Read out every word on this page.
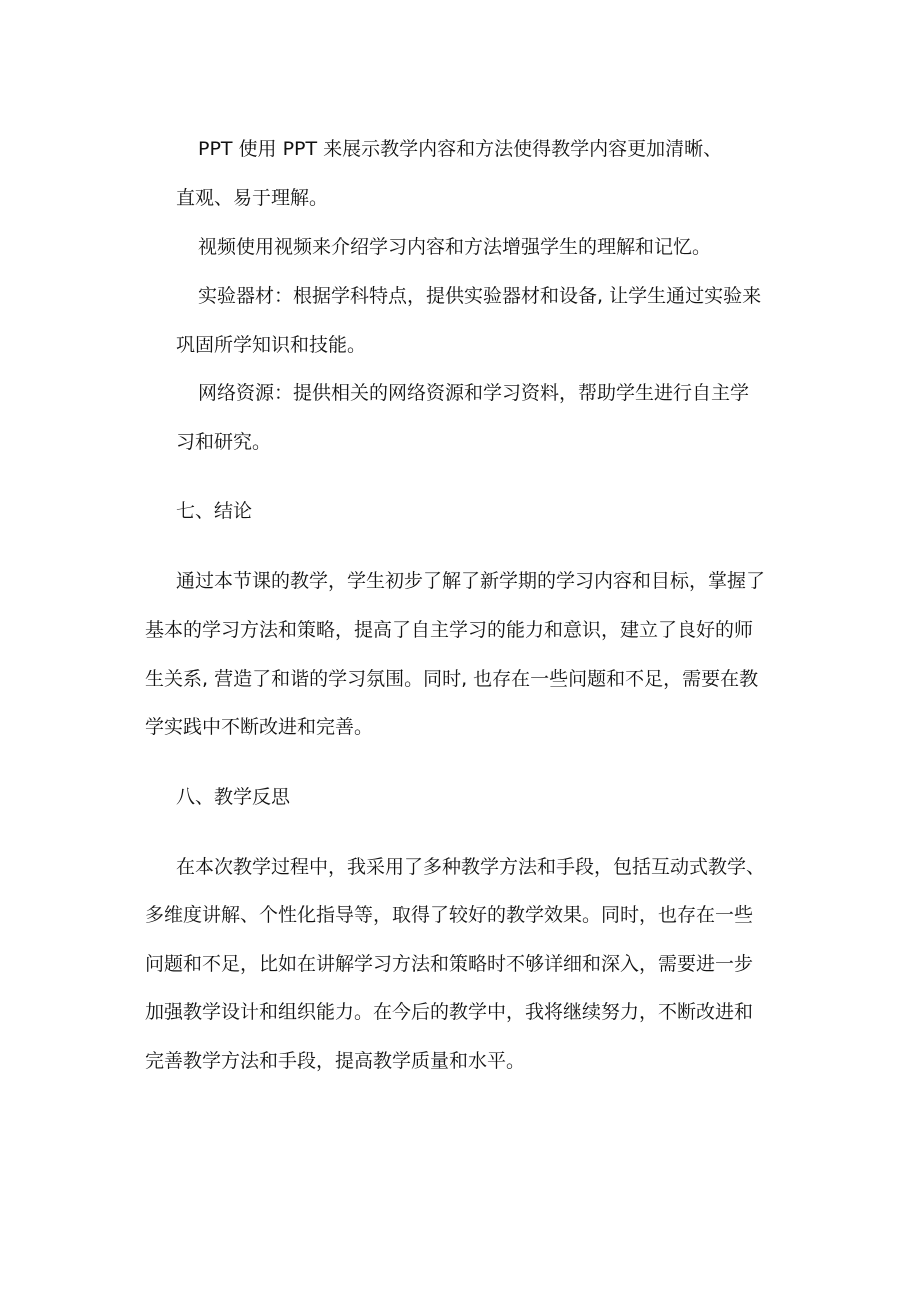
PPT 使用 PPT 来展示教学内容和方法使得教学内容更加清晰、
直观、易于理解。
视频使用视频来介绍学习内容和方法增强学生的理解和记忆。
实验器材：根据学科特点，提供实验器材和设备, 让学生通过实验来
巩固所学知识和技能。
网络资源：提供相关的网络资源和学习资料，帮助学生进行自主学
习和研究。
七、结论
通过本节课的教学，学生初步了解了新学期的学习内容和目标，掌握了
基本的学习方法和策略，提高了自主学习的能力和意识，建立了良好的师
生关系, 营造了和谐的学习氛围。同时, 也存在一些问题和不足，需要在教
学实践中不断改进和完善。
八、教学反思
在本次教学过程中，我采用了多种教学方法和手段，包括互动式教学、
多维度讲解、个性化指导等，取得了较好的教学效果。同时，也存在一些
问题和不足，比如在讲解学习方法和策略时不够详细和深入，需要进一步
加强教学设计和组织能力。在今后的教学中，我将继续努力，不断改进和
完善教学方法和手段，提高教学质量和水平。
